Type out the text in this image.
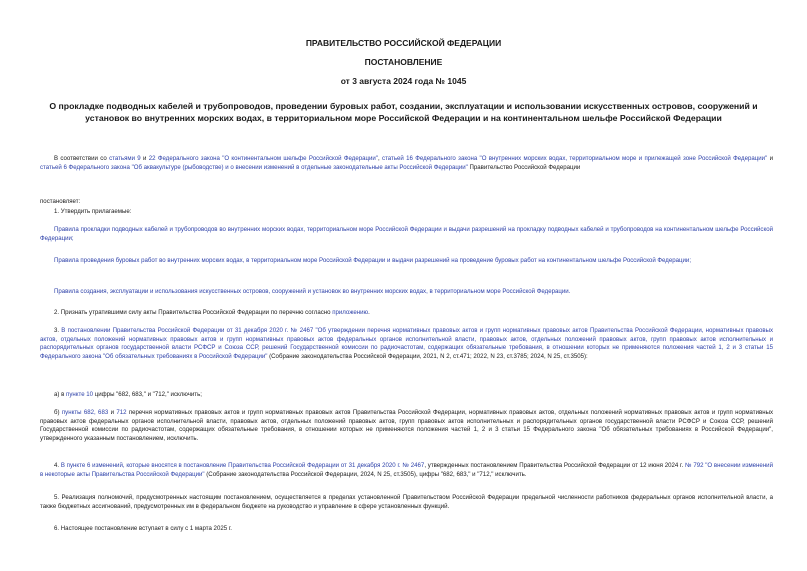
ПРАВИТЕЛЬСТВО РОССИЙСКОЙ ФЕДЕРАЦИИ
ПОСТАНОВЛЕНИЕ
от 3 августа 2024 года № 1045
О прокладке подводных кабелей и трубопроводов, проведении буровых работ, создании, эксплуатации и использовании искусственных островов, сооружений и установок во внутренних морских водах, в территориальном море Российской Федерации и на континентальном шельфе Российской Федерации
В соответствии со статьями 9 и 22 Федерального закона "О континентальном шельфе Российской Федерации", статьей 16 Федерального закона "О внутренних морских водах, территориальном море и прилежащей зоне Российской Федерации" и статьей 6 Федерального закона "Об аквакультуре (рыбоводстве) и о внесении изменений в отдельные законодательные акты Российской Федерации" Правительство Российской Федерации
постановляет:
1. Утвердить прилагаемые:
Правила прокладки подводных кабелей и трубопроводов во внутренних морских водах, территориальном море Российской Федерации и выдачи разрешений на прокладку подводных кабелей и трубопроводов на континентальном шельфе Российской Федерации;
Правила проведения буровых работ во внутренних морских водах, в территориальном море Российской Федерации и выдачи разрешений на проведение буровых работ на континентальном шельфе Российской Федерации;
Правила создания, эксплуатации и использования искусственных островов, сооружений и установок во внутренних морских водах, в территориальном море Российской Федерации.
2. Признать утратившими силу акты Правительства Российской Федерации по перечню согласно приложению.
3. В постановлении Правительства Российской Федерации от 31 декабря 2020 г. № 2467 "Об утверждении перечня нормативных правовых актов и групп нормативных правовых актов Правительства Российской Федерации, нормативных правовых актов, отдельных положений нормативных правовых актов и групп нормативных правовых актов федеральных органов исполнительной власти, правовых актов, отдельных положений правовых актов, групп правовых актов исполнительных и распорядительных органов государственной власти РСФСР и Союза ССР, решений Государственной комиссии по радиочастотам, содержащих обязательные требования, в отношении которых не применяются положения частей 1, 2 и 3 статьи 15 Федерального закона "Об обязательных требованиях в Российской Федерации" (Собрание законодательства Российской Федерации, 2021, N 2, ст.471; 2022, N 23, ст.3785; 2024, N 25, ст.3505):
а) в пункте 10 цифры "682, 683," и "712," исключить;
б) пункты 682, 683 и 712 перечня нормативных правовых актов и групп нормативных правовых актов Правительства Российской Федерации, нормативных правовых актов, отдельных положений нормативных правовых актов и групп нормативных правовых актов федеральных органов исполнительной власти, правовых актов, отдельных положений правовых актов, групп правовых актов исполнительных и распорядительных органов государственной власти РСФСР и Союза ССР, решений Государственной комиссии по радиочастотам, содержащих обязательные требования, в отношении которых не применяются положения частей 1, 2 и 3 статьи 15 Федерального закона "Об обязательных требованиях в Российской Федерации", утвержденного указанным постановлением, исключить.
4. В пункте 6 изменений, которые вносятся в постановление Правительства Российской Федерации от 31 декабря 2020 г. № 2467, утвержденных постановлением Правительства Российской Федерации от 12 июня 2024 г. № 792 "О внесении изменений в некоторые акты Правительства Российской Федерации" (Собрание законодательства Российской Федерации, 2024, N 25, ст.3505), цифры "682, 683," и "712," исключить.
5. Реализация полномочий, предусмотренных настоящим постановлением, осуществляется в пределах установленной Правительством Российской Федерации предельной численности работников федеральных органов исполнительной власти, а также бюджетных ассигнований, предусмотренных им в федеральном бюджете на руководство и управление в сфере установленных функций.
6. Настоящее постановление вступает в силу с 1 марта 2025 г.
